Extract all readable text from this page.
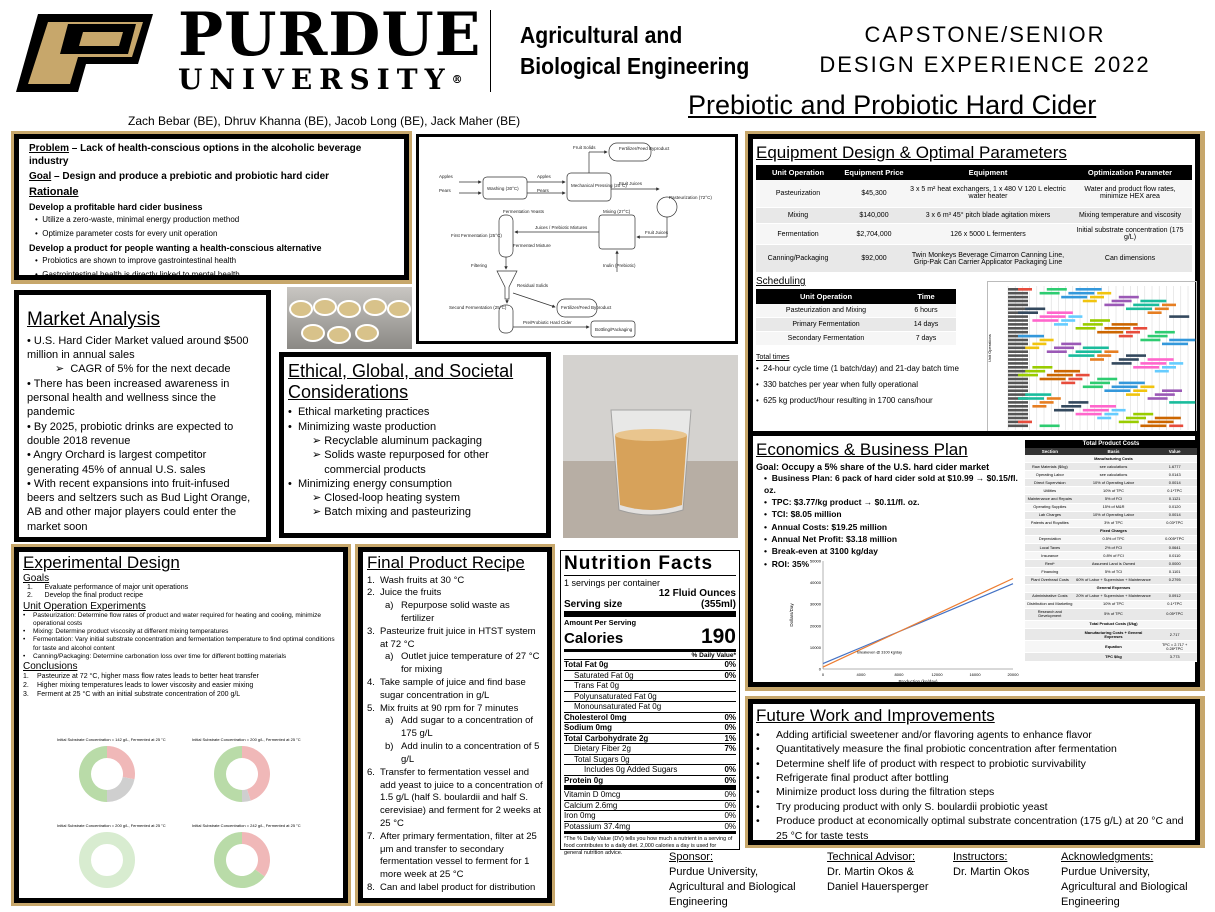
PURDUE
UNIVERSITY®
Agricultural and
Biological Engineering
CAPSTONE/SENIOR
DESIGN EXPERIENCE 2022
Prebiotic and Probiotic Hard Cider
Zach Bebar (BE), Dhruv Khanna (BE), Jacob Long (BE), Jack Maher (BE)
Problem – Lack of health-conscious options in the alcoholic beverage industry
Goal – Design and produce a prebiotic and probiotic hard cider
Rationale
Develop a profitable hard cider business
•  Utilize a zero-waste, minimal energy production method
•  Optimize parameter costs for every unit operation
Develop a product for people wanting a health-conscious alternative
•  Probiotics are shown to improve gastrointestinal health
•  Gastrointestinal health is directly linked to mental health
Fertilizer/Feed Byproduct
Fruit Solids
Apples
Pears
Apples
Pears
Washing (30°C)
Mechanical Pressing (20°C)
Fruit Juices
Pasteurization (72°C)
Fermentation Yeasts
Juices / Prebiotic Mixtures
Mixing (27°C)
Fruit Juices
First Fermentation (25°C)
Fermented Mixture
Inulin (Prebiotic)
Filtering
Residual Solids
Fertilizer/Feed Byproduct
Second Fermentation (25°C)
Pre/Probiotic Hard Cider
Bottling/Packaging
Market Analysis
• U.S. Hard Cider Market valued around $500 million in annual sales
➢  CAGR of 5% for the next decade
• There has been increased awareness in personal health and wellness since the pandemic
• By 2025, probiotic drinks are expected to double 2018 revenue
• Angry Orchard is largest competitor generating 45% of annual U.S. sales
• With recent expansions into fruit-infused beers and seltzers such as Bud Light Orange, AB and other major players could enter the market soon
Ethical, Global, and Societal Considerations
•  Ethical marketing practices
•  Minimizing waste production
➢ Recyclable aluminum packaging
➢ Solids waste repurposed for other commercial products
•  Minimizing energy consumption
➢ Closed-loop heating system
➢ Batch mixing and pasteurizing
Equipment Design & Optimal Parameters
Unit Operation	Equipment Price	Equipment	Optimization Parameter
Pasteurization	$45,300	3 x 5 m² heat exchangers, 1 x 480 V 120 L electric water heater	Water and product flow rates, minimize HEX area
Mixing	$140,000	3 x 6 m³ 45° pitch blade agitation mixers	Mixing temperature and viscosity
Fermentation	$2,704,000	126 x 5000 L fermenters	Initial substrate concentration (175 g/L)
Canning/Packaging	$92,000	Twin Monkeys Beverage Cimarron Canning Line, Grip-Pak Can Carrier Applicator Packaging Line	Can dimensions
Scheduling
Unit Operation	Time
Pasteurization and Mixing	6 hours
Primary Fermentation	14 days
Secondary Fermentation	7 days
Total times
•  24-hour cycle time (1 batch/day) and 21-day batch time
•  330 batches per year when fully operational
•  625 kg product/hour resulting in 1700 cans/hour
Unit Operations
Economics & Business Plan
Goal: Occupy a 5% share of the U.S. hard cider market
•  Business Plan: 6 pack of hard cider sold at $10.99 → $0.15/fl. oz.
•  TPC: $3.77/kg product → $0.11/fl. oz.
•  TCI: $8.05 million
•  Annual Costs: $19.25 million
•  Annual Net Profit: $3.18 million
•  Break-even at 3100 kg/day
•  ROI: 35%
0	4000	8000	12000	16000	20000
0
10000
20000
30000
40000
50000
Production (kg/day)
Dollars/Day
Breakeven @ 3100 kg/day
Total Product Costs
Section	Basis	Value
	Manufacturing Costs	
Raw Materials ($/kg)	see calculations	1.6777
Operating Labor	see calculations	0.0143
Direct Supervision	10% of Operating Labor	0.0014
Utilities	10% of TPC	0.1*TPC
Maintenance and Repairs	5% of FCI	0.1121
Operating Supplies	15% of M&R	0.0120
Lab Charges	10% of Operating Labor	0.0014
Patents and Royalties	3% of TPC	0.03*TPC
	Fixed Charges	
Depreciation	0.5% of TPC	0.005*TPC
Local Taxes	2% of FCI	0.0641
Insurance	0.8% of FCI	0.0110
Rent*	Assumed Land is Owned	0.0000
Financing	5% of TCI	0.1101
Plant Overhead Costs	60% of Labor + Supervision + Maintenance	0.2795
	General Expenses	
Administrative Costs	20% of Labor + Supervision + Maintenance	0.0912
Distribution and Marketing	10% of TPC	0.1*TPC
Research and Development	5% of TPC	0.05*TPC
	Total Product Costs ($/kg)	
	Manufacturing Costs + General Expenses	2.717
	Equation	TPC = 2.717 + 0.28*TPC
	TPC $/kg	3.773
Future Work and Improvements
•	Adding artificial sweetener and/or flavoring agents to enhance flavor
•	Quantitatively measure the final probiotic concentration after fermentation
•	Determine shelf life of product with respect to probiotic survivability
•	Refrigerate final product after bottling
•	Minimize product loss during the filtration steps
•	Try producing product with only S. boulardii probiotic yeast
•	Produce product at economically optimal substrate concentration (175 g/L) at 20 °C and 25 °C for taste tests
Experimental Design
Goals
1.      Evaluate performance of major unit operations
2.      Develop the final product recipe
Unit Operation Experiments
•	Pasteurization: Determine flow rates of product and water required for heating and cooling, minimize operational costs
•	Mixing: Determine product viscosity at different mixing temperatures
•	Fermentation: Vary initial substrate concentration and fermentation temperature to find optimal conditions for taste and alcohol content
•	Canning/Packaging: Determine carbonation loss over time for different bottling materials
Conclusions
1.	Pasteurize at 72 °C, higher mass flow rates leads to better heat transfer
2.	Higher mixing temperatures leads to lower viscosity and easier mixing
3.	Ferment at 25 °C with an initial substrate concentration of 200 g/L
Initial Substrate Concentration = 142 g/L, Fermented at 25 °C	Initial Substrate Concentration = 200 g/L, Fermented at 25 °C
Initial Substrate Concentration = 200 g/L, Fermented at 25 °C	Initial Substrate Concentration = 242 g/L, Fermented at 25 °C
Final Product Recipe
1. Wash fruits at 30 °C
2. Juice the fruits
a) Repurpose solid waste as fertilizer
3. Pasteurize fruit juice in HTST system at 72 °C
a) Outlet juice temperature of 27 °C for mixing
4. Take sample of juice and find base sugar concentration in g/L
5. Mix fruits at 90 rpm for 7 minutes
a) Add sugar to a concentration of 175 g/L
b) Add inulin to a concentration of 5 g/L
6. Transfer to fermentation vessel and add yeast to juice to a concentration of 1.5 g/L (half S. boulardii and half S. cerevisiae) and ferment for 2 weeks at 25 °C
7. After primary fermentation, filter at 25 μm and transfer to secondary fermentation vessel to ferment for 1 more week at 25 °C
8. Can and label product for distribution
Nutrition Facts
1 servings per container
Serving size
12 Fluid Ounces (355ml)
Amount Per Serving
Calories	190
% Daily Value*
Total Fat 0g	0%
Saturated Fat 0g	0%
Trans Fat 0g
Polyunsaturated Fat 0g
Monounsaturated Fat 0g
Cholesterol 0mg	0%
Sodium 0mg	0%
Total Carbohydrate 2g	1%
Dietary Fiber 2g	7%
Total Sugars 0g
Includes 0g Added Sugars	0%
Protein 0g	0%
Vitamin D 0mcg	0%
Calcium 2.6mg	0%
Iron 0mg	0%
Potassium 37.4mg	0%
*The % Daily Value (DV) tells you how much a nutrient in a serving of food contributes to a daily diet. 2,000 calories a day is used for general nutrition advice.	Sponsor:
Purdue University, Agricultural and Biological Engineering
Technical Advisor:
Dr. Martin Okos & Daniel Hauersperger
Instructors:
Dr. Martin Okos
Acknowledgments:
Purdue University, Agricultural and Biological Engineering
